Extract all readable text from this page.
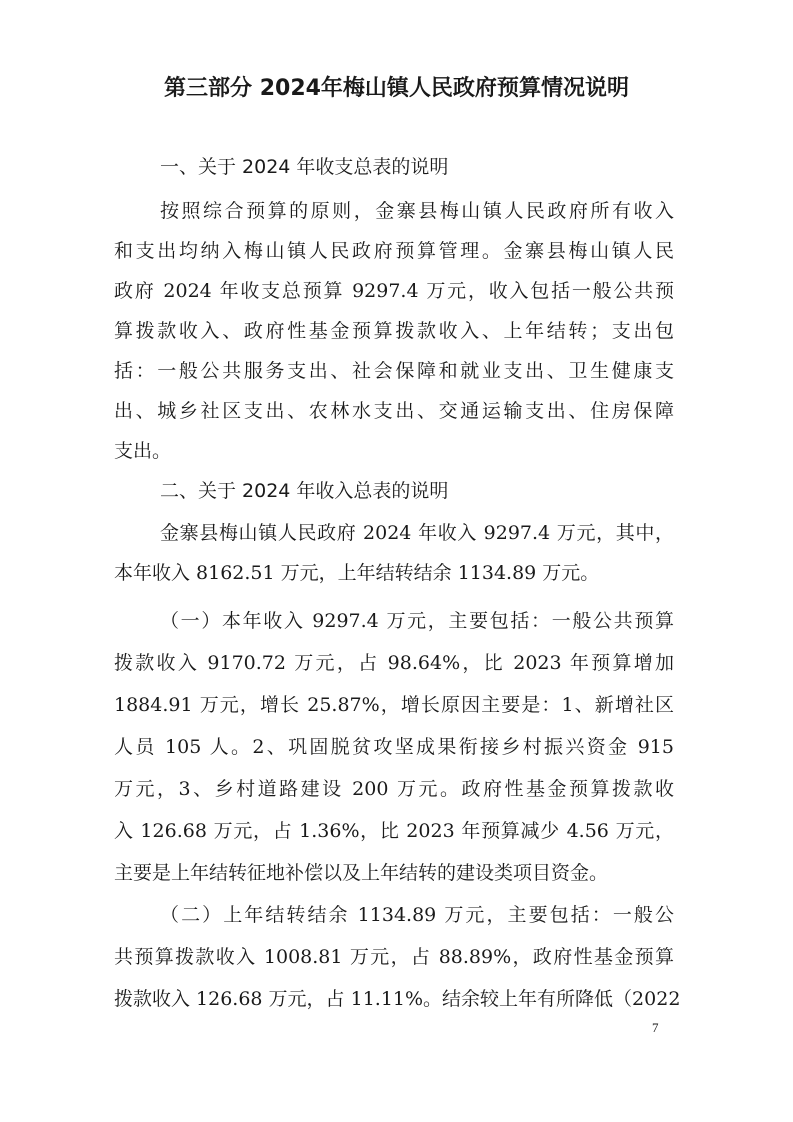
第三部分 2024年梅山镇人民政府预算情况说明
一、关于 2024 年收支总表的说明
按照综合预算的原则，金寨县梅山镇人民政府所有收入
和支出均纳入梅山镇人民政府预算管理。金寨县梅山镇人民
政府 2024 年收支总预算 9297.4 万元，收入包括一般公共预
算拨款收入、政府性基金预算拨款收入、上年结转；支出包
括：一般公共服务支出、社会保障和就业支出、卫生健康支
出、城乡社区支出、农林水支出、交通运输支出、住房保障
支出。
二、关于 2024 年收入总表的说明
金寨县梅山镇人民政府 2024 年收入 9297.4 万元，其中，
本年收入 8162.51 万元，上年结转结余 1134.89 万元。
（一）本年收入 9297.4 万元，主要包括：一般公共预算
拨款收入 9170.72 万元，占 98.64%，比 2023 年预算增加
1884.91 万元，增长 25.87%，增长原因主要是：1、新增社区
人员 105 人。2、巩固脱贫攻坚成果衔接乡村振兴资金 915
万元，3、乡村道路建设 200 万元。政府性基金预算拨款收
入 126.68 万元，占 1.36%，比 2023 年预算减少 4.56 万元，
主要是上年结转征地补偿以及上年结转的建设类项目资金。
（二）上年结转结余 1134.89 万元，主要包括：一般公
共预算拨款收入 1008.81 万元，占 88.89%，政府性基金预算
拨款收入 126.68 万元，占 11.11%。结余较上年有所降低（2022
7
